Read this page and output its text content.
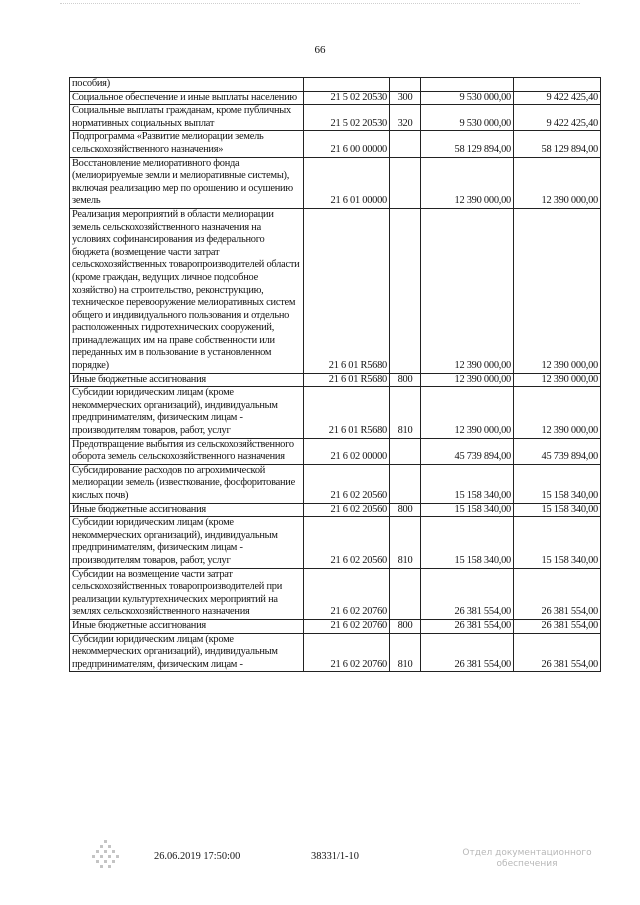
66
пособия)				
Социальное обеспечение и иные выплаты населению	21 5 02 20530	300	9 530 000,00	9 422 425,40
Социальные выплаты гражданам, кроме публичных нормативных социальных выплат	21 5 02 20530	320	9 530 000,00	9 422 425,40
Подпрограмма «Развитие мелиорации земель сельскохозяйственного назначения»	21 6 00 00000		58 129 894,00	58 129 894,00
Восстановление мелиоративного фонда (мелиорируемые земли и мелиоративные системы), включая реализацию мер по орошению и осушению земель	21 6 01 00000		12 390 000,00	12 390 000,00
Реализация мероприятий в области мелиорации земель сельскохозяйственного назначения на условиях софинансирования из федерального бюджета (возмещение части затрат сельскохозяйственных товаропроизводителей области (кроме граждан, ведущих личное подсобное хозяйство) на строительство, реконструкцию, техническое перевооружение мелиоративных систем общего и индивидуального пользования и отдельно расположенных гидротехнических сооружений, принадлежащих им на праве собственности или переданных им в пользование в установленном порядке)	21 6 01 R5680		12 390 000,00	12 390 000,00
Иные бюджетные ассигнования	21 6 01 R5680	800	12 390 000,00	12 390 000,00
Субсидии юридическим лицам (кроме некоммерческих организаций), индивидуальным предпринимателям, физическим лицам - производителям товаров, работ, услуг	21 6 01 R5680	810	12 390 000,00	12 390 000,00
Предотвращение выбытия из сельскохозяйственного оборота земель сельскохозяйственного назначения	21 6 02 00000		45 739 894,00	45 739 894,00
Субсидирование расходов по агрохимической мелиорации земель (известкование, фосфоритование кислых почв)	21 6 02 20560		15 158 340,00	15 158 340,00
Иные бюджетные ассигнования	21 6 02 20560	800	15 158 340,00	15 158 340,00
Субсидии юридическим лицам (кроме некоммерческих организаций), индивидуальным предпринимателям, физическим лицам - производителям товаров, работ, услуг	21 6 02 20560	810	15 158 340,00	15 158 340,00
Субсидии на возмещение части затрат сельскохозяйственных товаропроизводителей при реализации культуртехнических мероприятий на землях сельскохозяйственного назначения	21 6 02 20760		26 381 554,00	26 381 554,00
Иные бюджетные ассигнования	21 6 02 20760	800	26 381 554,00	26 381 554,00
Субсидии юридическим лицам (кроме некоммерческих организаций), индивидуальным предпринимателям, физическим лицам -	21 6 02 20760	810	26 381 554,00	26 381 554,00
26.06.2019 17:50:00	38331/1-10	Отдел документационного
обеспечения
